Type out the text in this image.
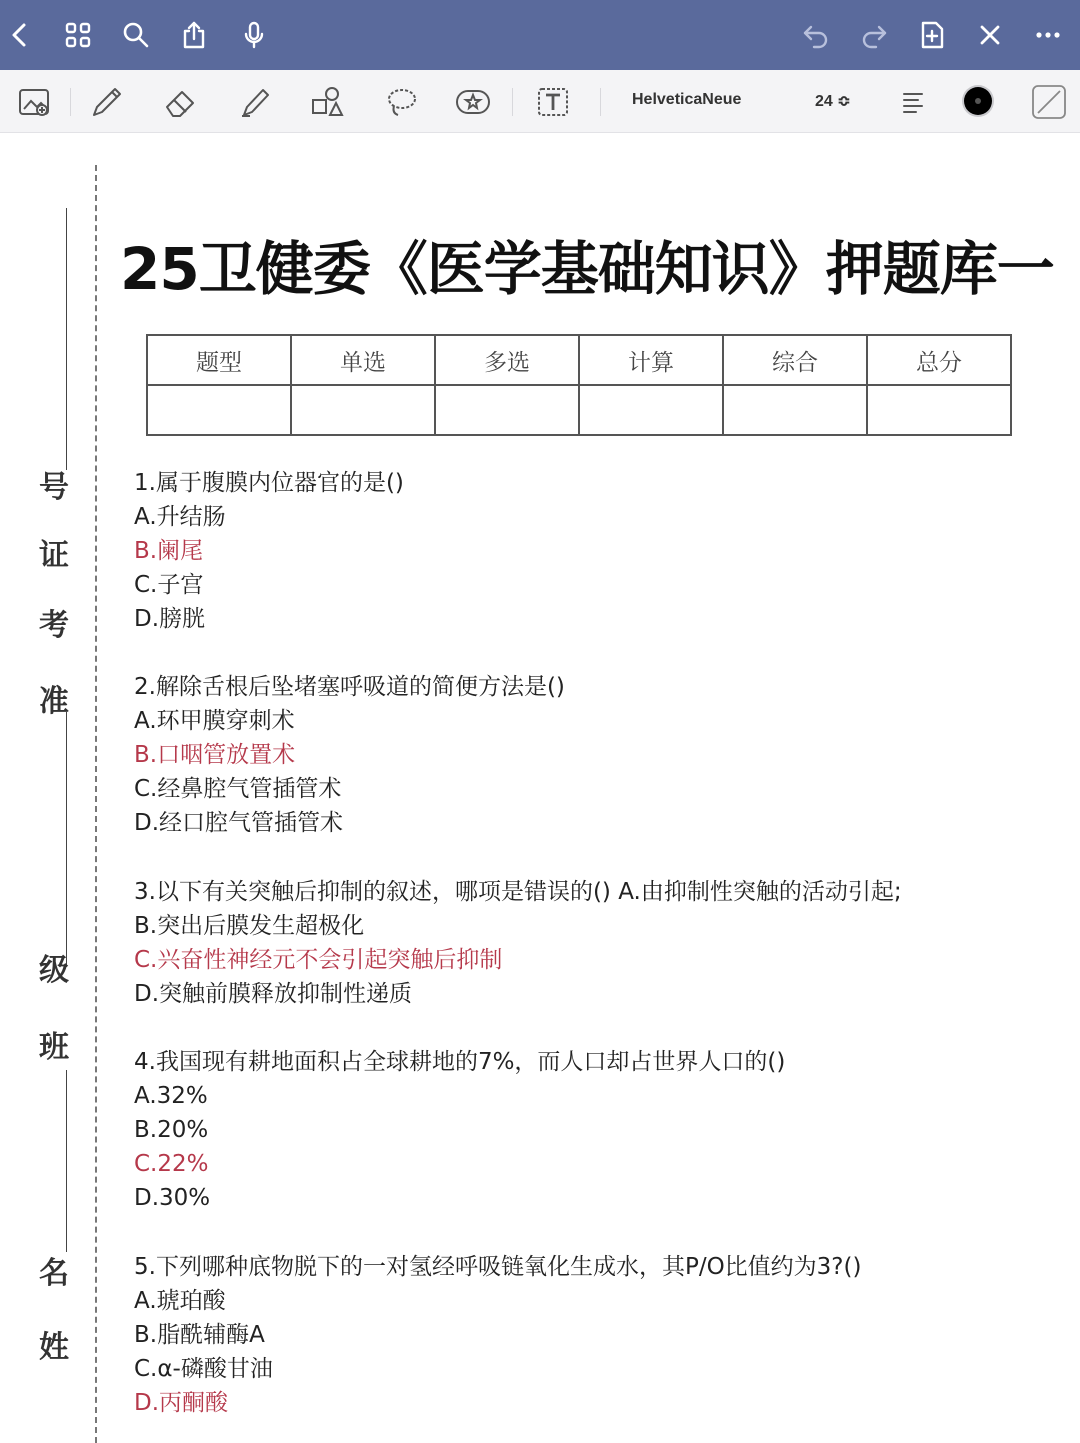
HelveticaNeue	24 ≎
号
证
考
准
级
班
名
姓
25卫健委《医学基础知识》押题库一
题型	单选	多选	计算	综合	总分

1.属于腹膜内位器官的是()
A.升结肠
B.阑尾
C.子宫
D.膀胱
2.解除舌根后坠堵塞呼吸道的简便方法是()
A.环甲膜穿刺术
B.口咽管放置术
C.经鼻腔气管插管术
D.经口腔气管插管术
3.以下有关突触后抑制的叙述，哪项是错误的() A.由抑制性突触的活动引起;
B.突出后膜发生超极化
C.兴奋性神经元不会引起突触后抑制
D.突触前膜释放抑制性递质
4.我国现有耕地面积占全球耕地的7%，而人口却占世界人口的()
A.32%
B.20%
C.22%
D.30%
5.下列哪种底物脱下的一对氢经呼吸链氧化生成水，其P/O比值约为3?()
A.琥珀酸
B.脂酰辅酶A
C.α-磷酸甘油
D.丙酮酸
